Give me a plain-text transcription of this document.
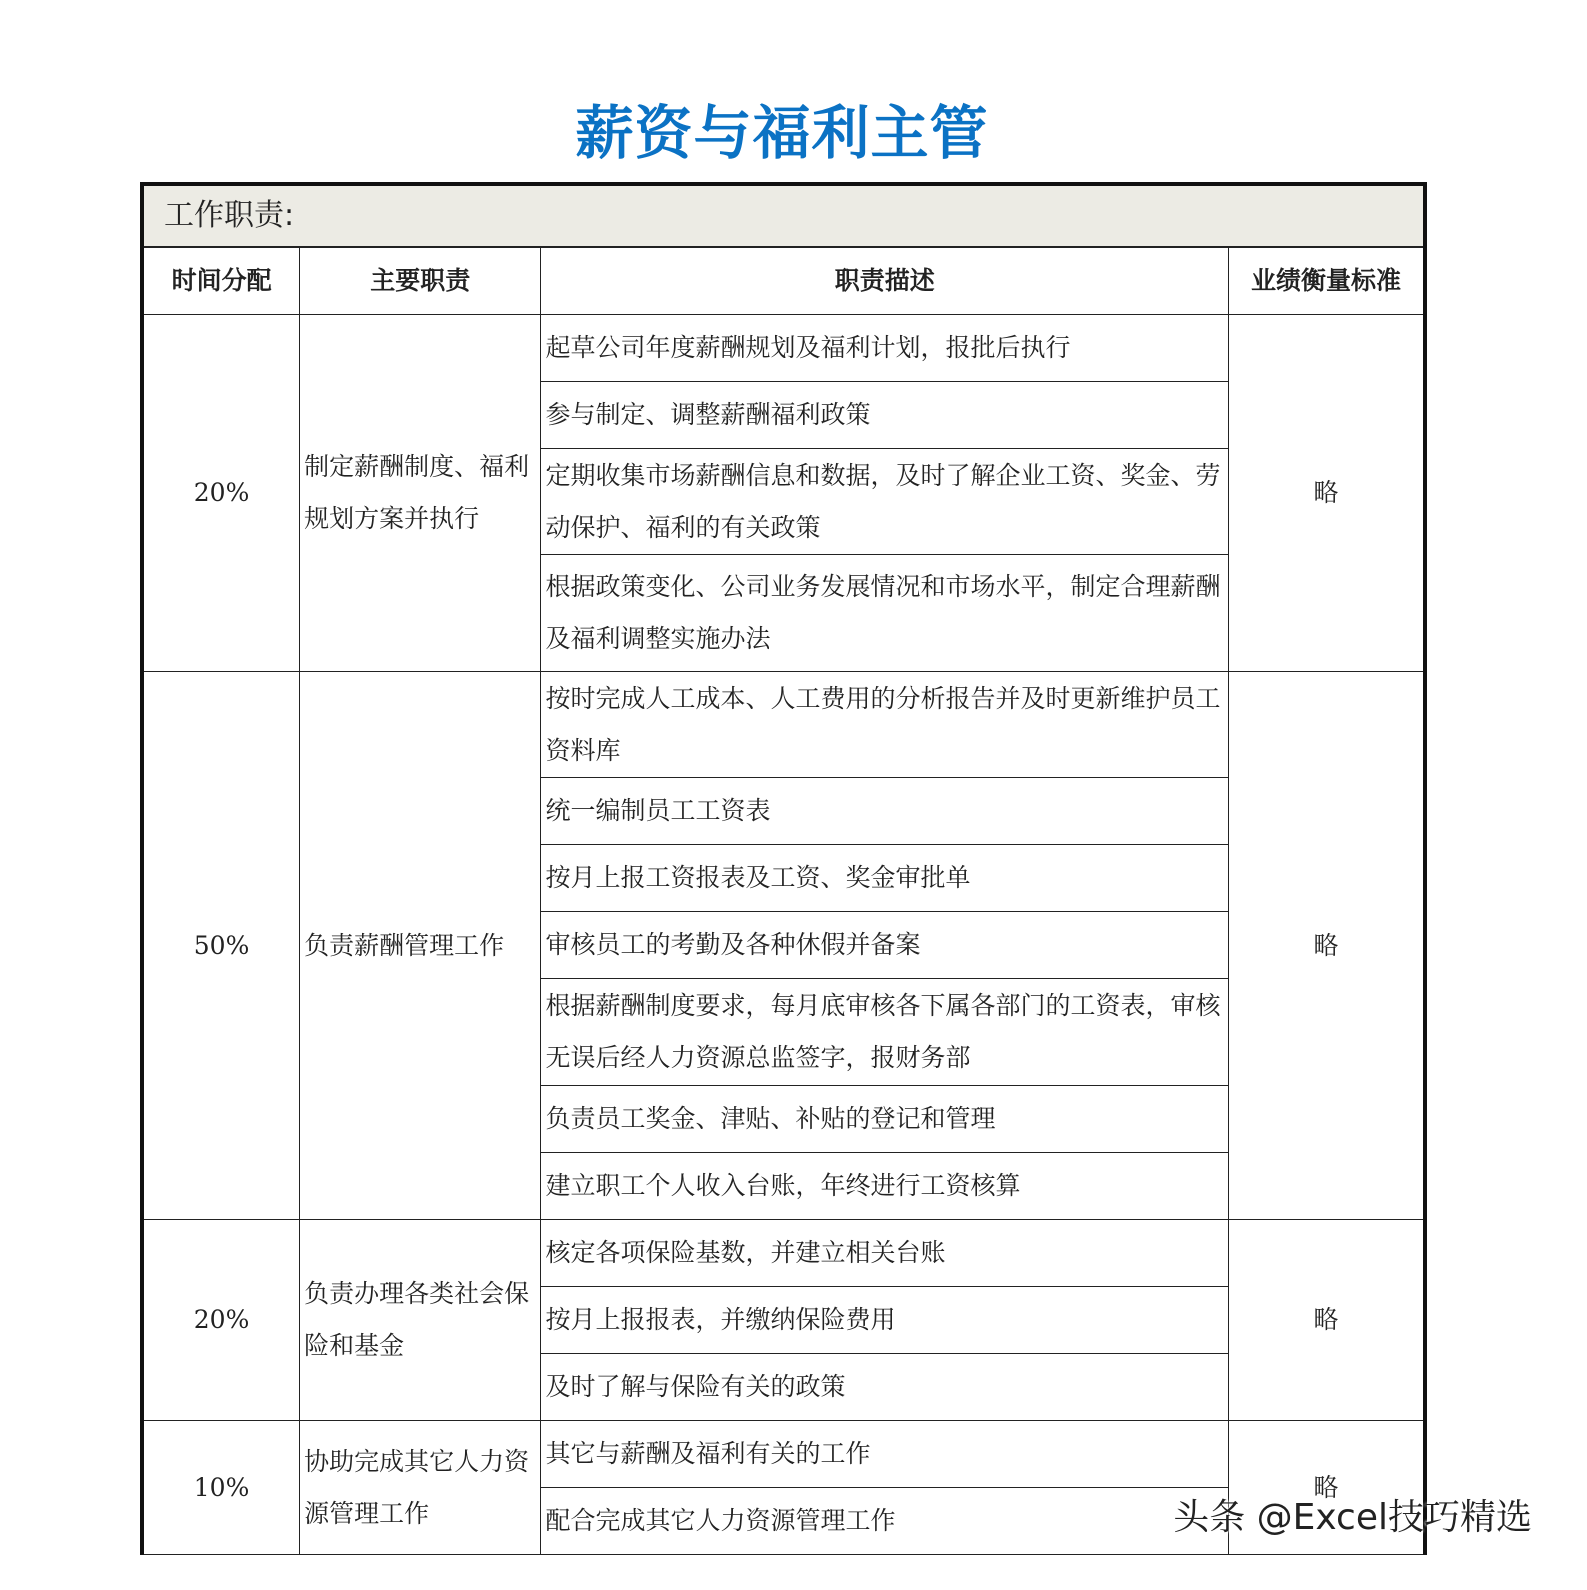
薪资与福利主管
工作职责:			
时间分配	主要职责	职责描述	业绩衡量标准
20%	制定薪酬制度、福利规划方案并执行	起草公司年度薪酬规划及福利计划，报批后执行	略
		参与制定、调整薪酬福利政策	
		定期收集市场薪酬信息和数据，及时了解企业工资、奖金、劳动保护、福利的有关政策	
		根据政策变化、公司业务发展情况和市场水平，制定合理薪酬及福利调整实施办法	
50%	负责薪酬管理工作	按时完成人工成本、人工费用的分析报告并及时更新维护员工资料库	略
		统一编制员工工资表	
		按月上报工资报表及工资、奖金审批单	
		审核员工的考勤及各种休假并备案	
		根据薪酬制度要求，每月底审核各下属各部门的工资表，审核无误后经人力资源总监签字，报财务部	
		负责员工奖金、津贴、补贴的登记和管理	
		建立职工个人收入台账，年终进行工资核算	
20%	负责办理各类社会保险和基金	核定各项保险基数，并建立相关台账	略
		按月上报报表，并缴纳保险费用	
		及时了解与保险有关的政策	
10%	协助完成其它人力资源管理工作	其它与薪酬及福利有关的工作	略
		配合完成其它人力资源管理工作		头条 @Excel技巧精选
